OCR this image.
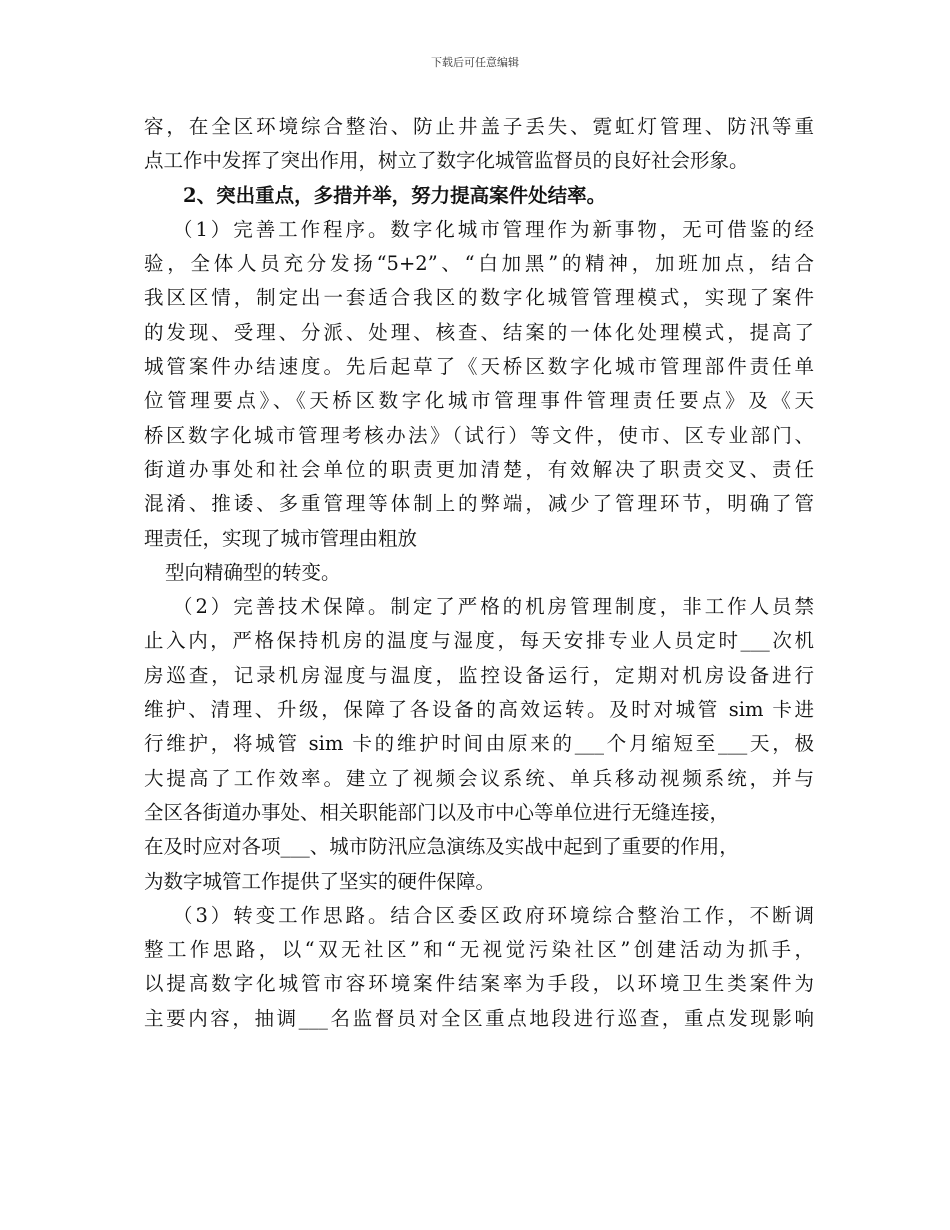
下载后可任意编辑
容，在全区环境综合整治、防止井盖子丢失、霓虹灯管理、防汛等重
点工作中发挥了突出作用，树立了数字化城管监督员的良好社会形象。
2、突出重点，多措并举，努力提高案件处结率。
（1）完善工作程序。数字化城市管理作为新事物，无可借鉴的经
验，全体人员充分发扬“5+2”、“白加黑”的精神，加班加点，结合
我区区情，制定出一套适合我区的数字化城管管理模式，实现了案件
的发现、受理、分派、处理、核查、结案的一体化处理模式，提高了
城管案件办结速度。先后起草了《天桥区数字化城市管理部件责任单
位管理要点》、《天桥区数字化城市管理事件管理责任要点》及《天
桥区数字化城市管理考核办法》（试行）等文件，使市、区专业部门、
街道办事处和社会单位的职责更加清楚，有效解决了职责交叉、责任
混淆、推诿、多重管理等体制上的弊端，减少了管理环节，明确了管
理责任，实现了城市管理由粗放
型向精确型的转变。
（2）完善技术保障。制定了严格的机房管理制度，非工作人员禁
止入内，严格保持机房的温度与湿度，每天安排专业人员定时___次机
房巡查，记录机房湿度与温度，监控设备运行，定期对机房设备进行
维护、清理、升级，保障了各设备的高效运转。及时对城管 sim 卡进
行维护，将城管 sim 卡的维护时间由原来的___个月缩短至___天，极
大提高了工作效率。建立了视频会议系统、单兵移动视频系统，并与
全区各街道办事处、相关职能部门以及市中心等单位进行无缝连接，
在及时应对各项___、城市防汛应急演练及实战中起到了重要的作用，
为数字城管工作提供了坚实的硬件保障。
（3）转变工作思路。结合区委区政府环境综合整治工作，不断调
整工作思路，以“双无社区”和“无视觉污染社区”创建活动为抓手，
以提高数字化城管市容环境案件结案率为手段，以环境卫生类案件为
主要内容，抽调___名监督员对全区重点地段进行巡查，重点发现影响
